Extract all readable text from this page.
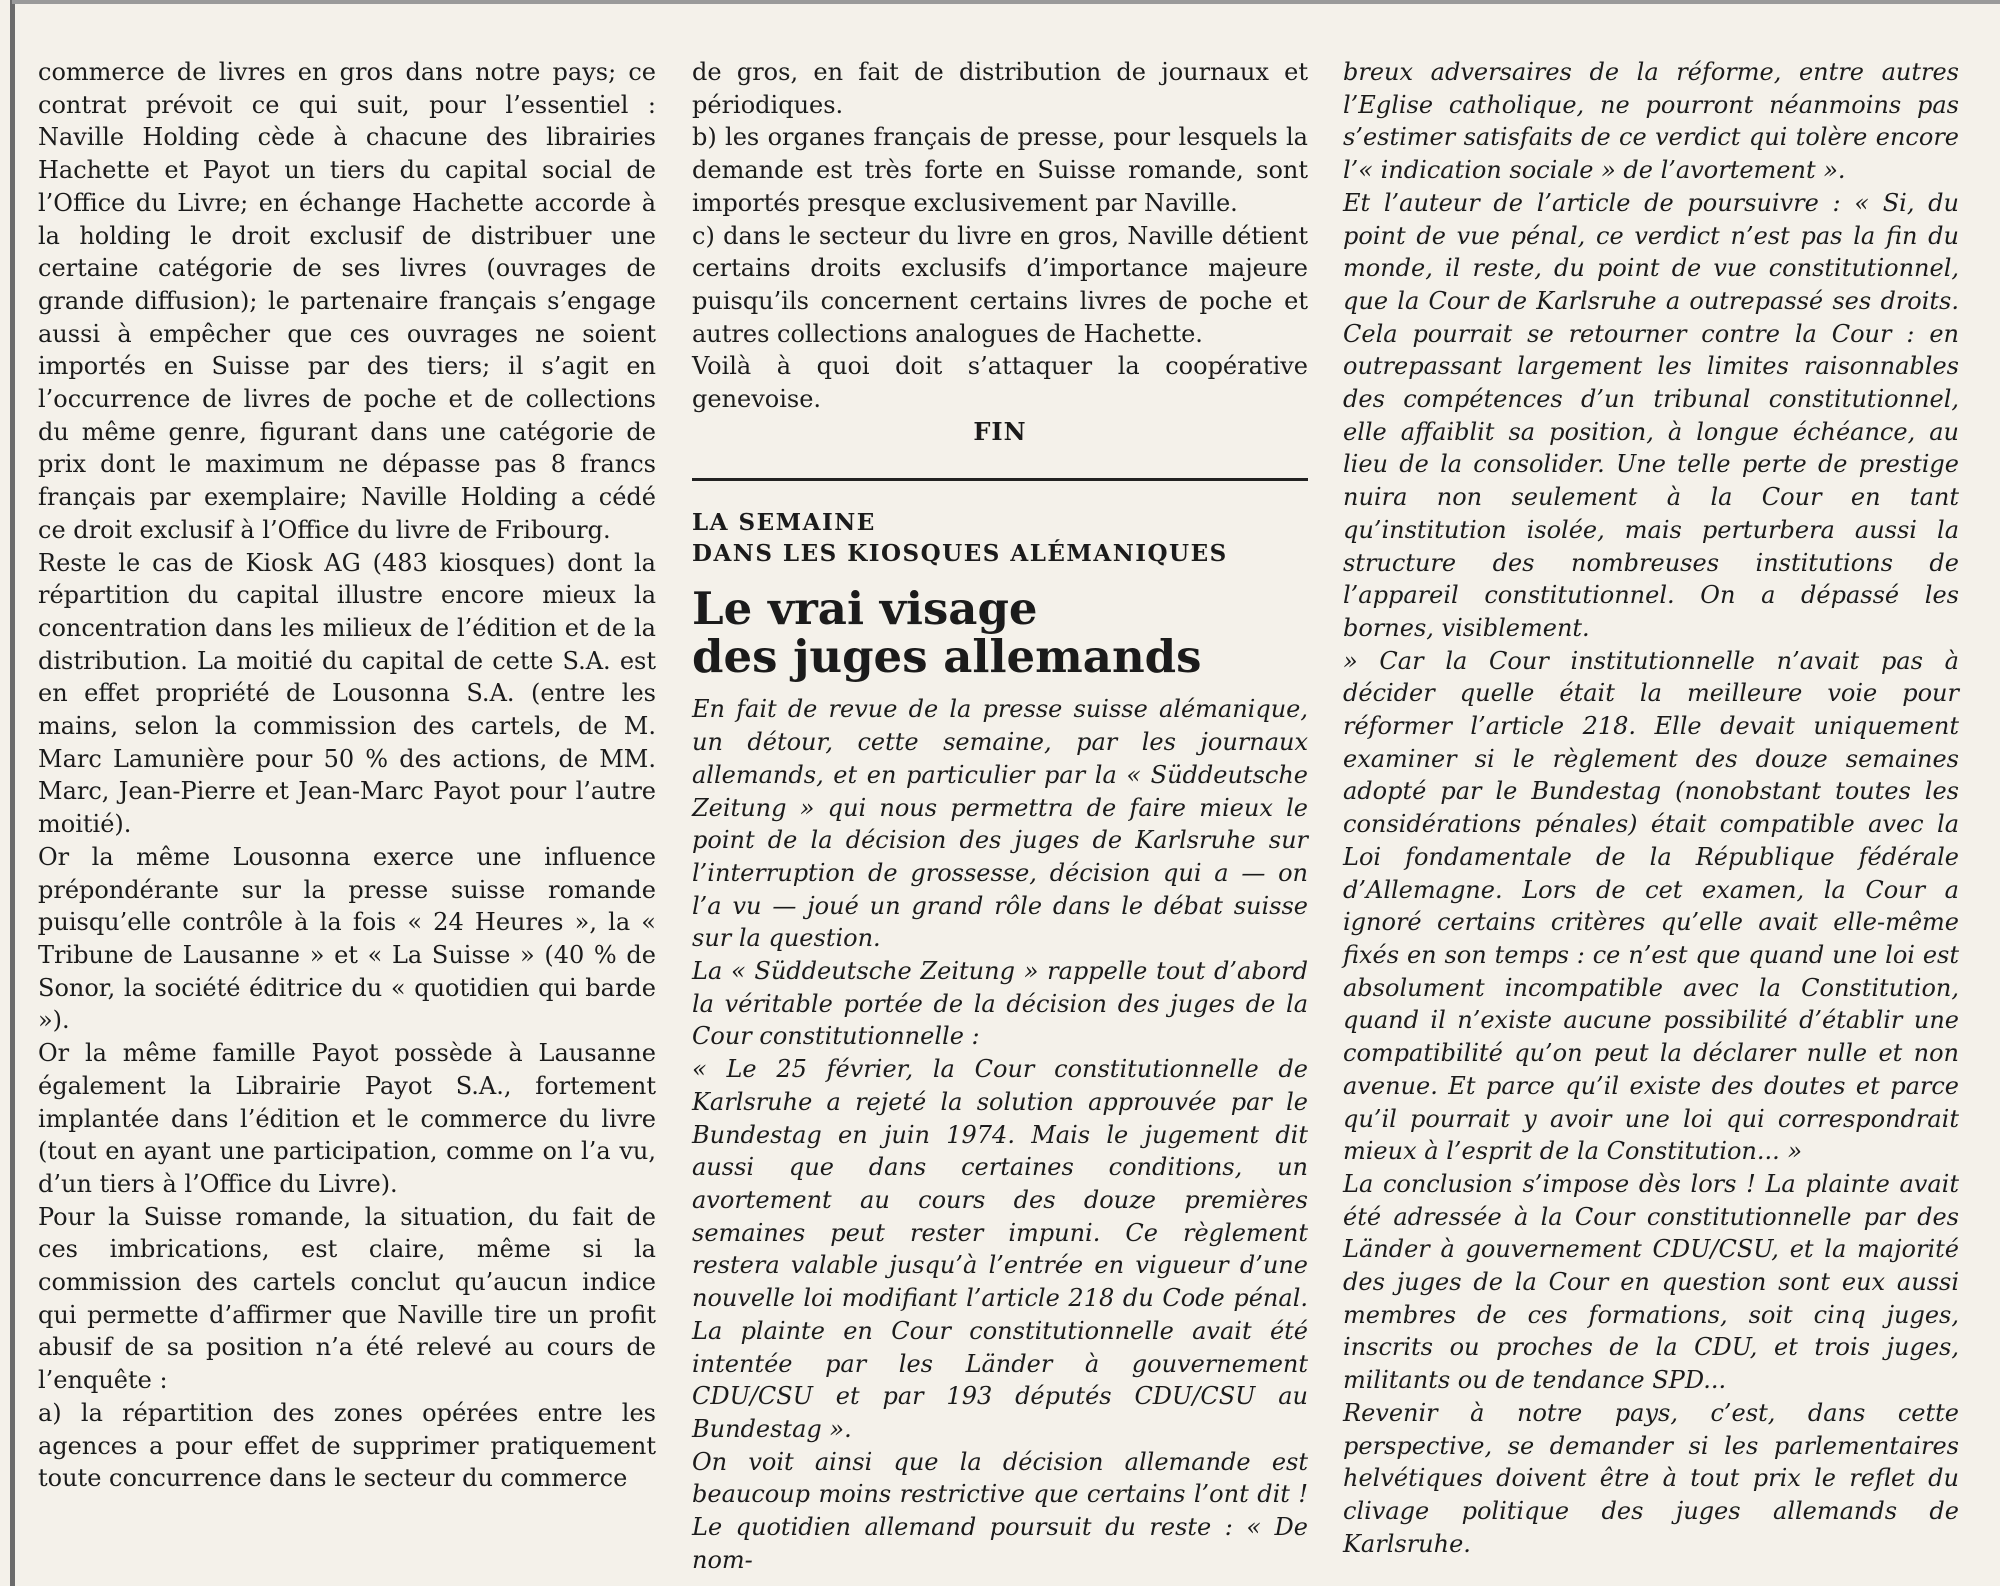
commerce de livres en gros dans notre pays; ce contrat prévoit ce qui suit, pour l’essentiel : Naville Holding cède à chacune des librairies Hachette et Payot un tiers du capital social de l’Office du Livre; en échange Hachette accorde à la holding le droit exclusif de distribuer une certaine catégorie de ses livres (ouvrages de grande diffusion); le partenaire français s’engage aussi à empêcher que ces ouvrages ne soient importés en Suisse par des tiers; il s’agit en l’occurrence de livres de poche et de collections du même genre, figurant dans une catégorie de prix dont le maximum ne dépasse pas 8 francs français par exemplaire; Naville Holding a cédé ce droit exclusif à l’Office du livre de Fribourg.

Reste le cas de Kiosk AG (483 kiosques) dont la répartition du capital illustre encore mieux la concentration dans les milieux de l’édition et de la distribution. La moitié du capital de cette S.A. est en effet propriété de Lousonna S.A. (entre les mains, selon la commission des cartels, de M. Marc Lamunière pour 50 % des actions, de MM. Marc, Jean-Pierre et Jean-Marc Payot pour l’autre moitié).

Or la même Lousonna exerce une influence prépondérante sur la presse suisse romande puisqu’elle contrôle à la fois « 24 Heures », la « Tribune de Lausanne » et « La Suisse » (40 % de Sonor, la société éditrice du « quotidien qui barde »).

Or la même famille Payot possède à Lausanne également la Librairie Payot S.A., fortement implantée dans l’édition et le commerce du livre (tout en ayant une participation, comme on l’a vu, d’un tiers à l’Office du Livre).

Pour la Suisse romande, la situation, du fait de ces imbrications, est claire, même si la commission des cartels conclut qu’aucun indice qui permette d’affirmer que Naville tire un profit abusif de sa position n’a été relevé au cours de l’enquête :

a) la répartition des zones opérées entre les agences a pour effet de supprimer pratiquement toute concurrence dans le secteur du commerce

de gros, en fait de distribution de journaux et périodiques.

b) les organes français de presse, pour lesquels la demande est très forte en Suisse romande, sont importés presque exclusivement par Naville.

c) dans le secteur du livre en gros, Naville détient certains droits exclusifs d’importance majeure puisqu’ils concernent certains livres de poche et autres collections analogues de Hachette.

Voilà à quoi doit s’attaquer la coopérative genevoise.

FIN

LA SEMAINE

DANS LES KIOSQUES ALÉMANIQUES

Le vrai visage
des juges allemands

En fait de revue de la presse suisse alémanique, un détour, cette semaine, par les journaux allemands, et en particulier par la « Süddeutsche Zeitung » qui nous permettra de faire mieux le point de la décision des juges de Karlsruhe sur l’interruption de grossesse, décision qui a — on l’a vu — joué un grand rôle dans le débat suisse sur la question.

La « Süddeutsche Zeitung » rappelle tout d’abord la véritable portée de la décision des juges de la Cour constitutionnelle :

« Le 25 février, la Cour constitutionnelle de Karlsruhe a rejeté la solution approuvée par le Bundestag en juin 1974. Mais le jugement dit aussi que dans certaines conditions, un avortement au cours des douze premières semaines peut rester impuni. Ce règlement restera valable jusqu’à l’entrée en vigueur d’une nouvelle loi modifiant l’article 218 du Code pénal. La plainte en Cour constitutionnelle avait été intentée par les Länder à gouvernement CDU/CSU et par 193 députés CDU/CSU au Bundestag ».

On voit ainsi que la décision allemande est beaucoup moins restrictive que certains l’ont dit ! Le quotidien allemand poursuit du reste : « De nom-

breux adversaires de la réforme, entre autres l’Eglise catholique, ne pourront néanmoins pas s’estimer satisfaits de ce verdict qui tolère encore l’« indication sociale » de l’avortement ».

Et l’auteur de l’article de poursuivre : « Si, du point de vue pénal, ce verdict n’est pas la fin du monde, il reste, du point de vue constitutionnel, que la Cour de Karlsruhe a outrepassé ses droits. Cela pourrait se retourner contre la Cour : en outrepassant largement les limites raisonnables des compétences d’un tribunal constitutionnel, elle affaiblit sa position, à longue échéance, au lieu de la consolider. Une telle perte de prestige nuira non seulement à la Cour en tant qu’institution isolée, mais perturbera aussi la structure des nombreuses institutions de l’appareil constitutionnel. On a dépassé les bornes, visiblement.

» Car la Cour institutionnelle n’avait pas à décider quelle était la meilleure voie pour réformer l’article 218. Elle devait uniquement examiner si le règlement des douze semaines adopté par le Bundestag (nonobstant toutes les considérations pénales) était compatible avec la Loi fondamentale de la République fédérale d’Allemagne. Lors de cet examen, la Cour a ignoré certains critères qu’elle avait elle-même fixés en son temps : ce n’est que quand une loi est absolument incompatible avec la Constitution, quand il n’existe aucune possibilité d’établir une compatibilité qu’on peut la déclarer nulle et non avenue. Et parce qu’il existe des doutes et parce qu’il pourrait y avoir une loi qui correspondrait mieux à l’esprit de la Constitution... »

La conclusion s’impose dès lors ! La plainte avait été adressée à la Cour constitutionnelle par des Länder à gouvernement CDU/CSU, et la majorité des juges de la Cour en question sont eux aussi membres de ces formations, soit cinq juges, inscrits ou proches de la CDU, et trois juges, militants ou de tendance SPD...

Revenir à notre pays, c’est, dans cette perspective, se demander si les parlementaires helvétiques doivent être à tout prix le reflet du clivage politique des juges allemands de Karlsruhe.
